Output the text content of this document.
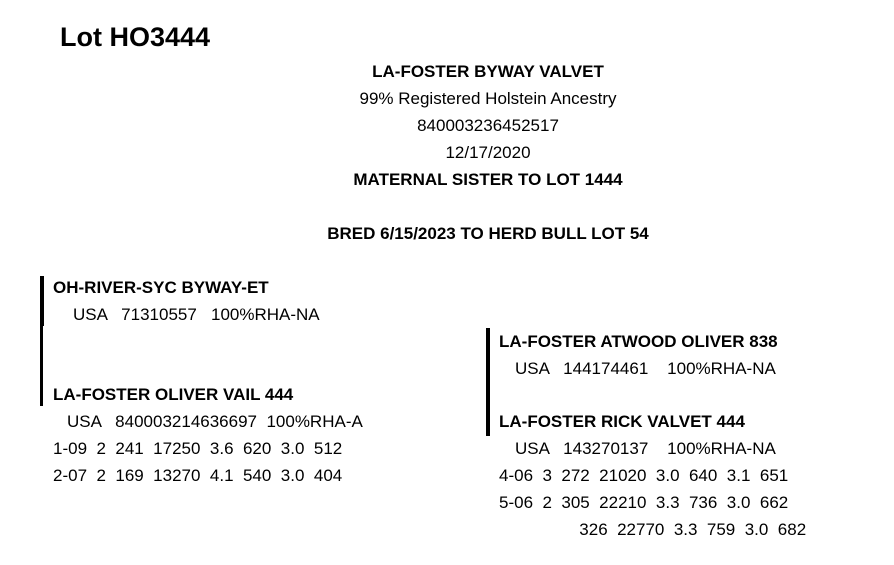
Lot HO3444
LA-FOSTER BYWAY VALVET
99% Registered Holstein Ancestry
840003236452517
12/17/2020
MATERNAL SISTER TO LOT 1444
BRED 6/15/2023 TO HERD BULL LOT 54
OH-RIVER-SYC BYWAY-ET
USA   71310557   100%RHA-NA
LA-FOSTER OLIVER VAIL 444
USA   840003214636697  100%RHA-A
1-09  2  241  17250  3.6  620  3.0  512
2-07  2  169  13270  4.1  540  3.0  404
LA-FOSTER ATWOOD OLIVER 838
USA   144174461    100%RHA-NA
LA-FOSTER RICK VALVET 444
USA   143270137    100%RHA-NA
4-06  3  272  21020  3.0  640  3.1  651
5-06  2  305  22210  3.3  736  3.0  662
326  22770  3.3  759  3.0  682
